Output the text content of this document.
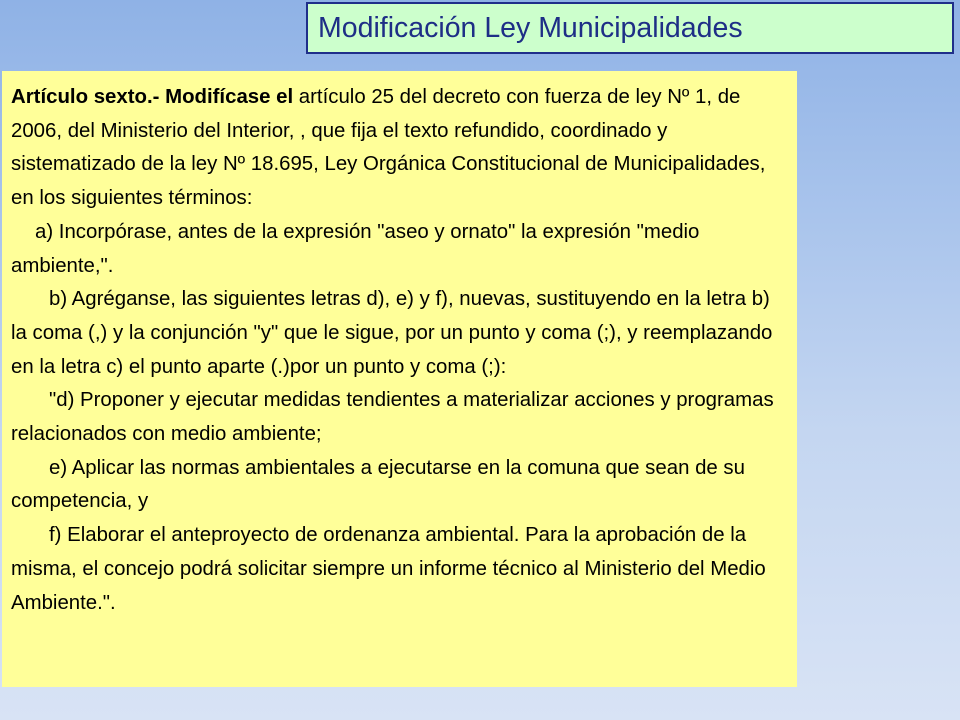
Modificación Ley Municipalidades

Artículo sexto.- Modifícase el artículo 25 del decreto con fuerza de ley Nº 1, de 2006, del Ministerio del Interior, , que fija el texto refundido, coordinado y sistematizado de la ley Nº 18.695, Ley Orgánica Constitucional de Municipalidades, en los siguientes términos:

a) Incorpórase, antes de la expresión "aseo y ornato" la expresión "medio ambiente,".

b) Agréganse, las siguientes letras d), e) y f), nuevas, sustituyendo en la letra b) la coma (,) y la conjunción "y" que le sigue, por un punto y coma (;), y reemplazando en la letra c) el punto aparte (.)por un punto y coma (;):

"d) Proponer y ejecutar medidas tendientes a materializar acciones y programas relacionados con medio ambiente;

e) Aplicar las normas ambientales a ejecutarse en la comuna que sean de su competencia, y

f) Elaborar el anteproyecto de ordenanza ambiental. Para la aprobación de la misma, el concejo podrá solicitar siempre un informe técnico al Ministerio del Medio Ambiente.".
